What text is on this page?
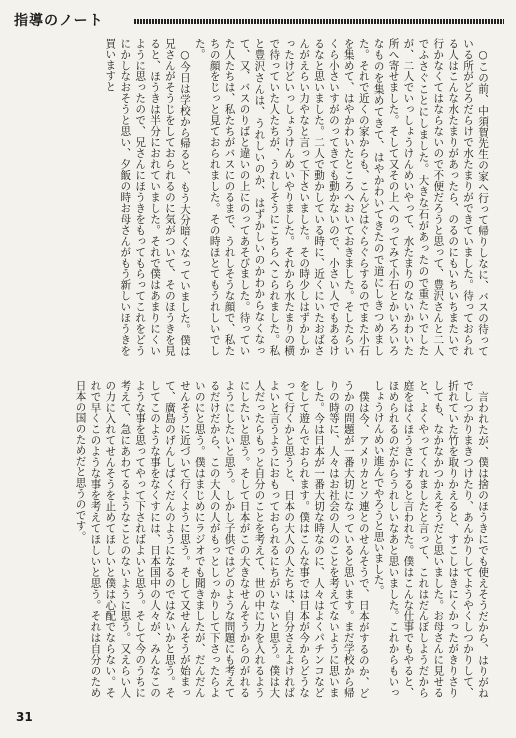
指導のノート

○この前、中須賀先生の家へ行って帰りしなに、バスの待っている所がどろだらけで水たまりができていました。待っておられる人はこんな水たまりがあったら、のるのにもいちいちまたいで行かなくてはならないので不便だろうと思って、豊沢さんと二人でふさぐことにしました。大きな石があったので重たいでしたが、二人でいっしょうけんめいやって、水たまりのないかわいた所へ寄せました。そして又その上へのってみて小石とかいろいろなものを集めてきて、はやかわいてきたので道にしきつめました。それで近くの家からも、こんどはぐらぐらするのでまた小石を集めて、はやかわいたところへおいておきました。そしたらいくら小さいすがのってきても動かないので、小さい人でもあるけるなと思いました。二人で動かしている時に、近くにいたおばさんがえらい力やなと言って下さいました。その時少しはずかしかったけどいっしょうけんめいやりました。それから水たまりの横で待っていた人たちが、うれしそうにこちらへこられました。私と豊沢さんは、うれしいのか、はずかしいのかわからなくなって、又、バスのりばと違いの上にのってあそびました。待っていた人たちは、私たちがバスにのるまで、うれしそうな顔で、私たちの顔をじっと見ておられました。その時ほとてもうれしいでした。

○今日は学校から帰ると、もう大分暗くなっていました。僕は兄さんがそうじをしておられるのに気がついて、そのほうきを見ると、ほうきは半分におれていました。それで僕はあまりにくいように思ったので、兄さんにほうきをもってもらってこれをどうにかしなおそうと思い、夕飯の時お母さんがもう新しいほうきを買いますと

言われたが、僕は捨のほうきにでも使えそうだから、はりがねでしつかりまきつけたり、あんかりしてようやくしつかりして、折れていた竹を取りかえると、すこしはきにくかったがきりさりしても、なかなかつかえそうだと思いました。お母さんに見せると、よくやってくれましたと言って、これはだんぼしようだから庭をはくほうきにすると言われた。僕はこんな仕事でもやると、ほめられるのだからうれしいなあと思いました。これからもいっしょうけんめい進んでやろうと思いました。

僕は今、アメリカとソ連とのせんそうで、日本がするのか、どうかの問題が一番大切になっていると思います。まだ学校から帰りの時等に、人々はお社会の人のことを考えてないように思いました。今は日本が一番大切な時なのに、人々はよくパチンコなどをして遊んでおられます。僕はこんな事では日本が今からどうなって行くかと思うと、日本の大人の人たちは、自分さえよければよいと言うようにおもっておられるにちがいないと思う。僕は大人だったらもっと自分のことを考えて、世の中に力を入れるようにしたいと思う。そして日本がこの大きなせんそうからのがれるようにしたいと思う。しかし子供ではどのような問題にも考えてるだけだから、この大人の人がもっとしっかりして下さったらよいのにと思う。僕はまじめにラジオでも聞きましたが、だんだんせんそうに近づいて行くように思う。そして又せんそうが始まって、廣島のげんしばくだんのようになるのではないかと思う。そしてこのような事をなくすには、日本国中の人々が、みんなこのような事を思ってやって下さればよいと思う。そして今のうちに考えて、急にあわてるようなことのないように思う。又えらい人の力に入れてせんそうを止めてほしいと僕は心配でならない。それで早くこのような事を考えてほしいと思う。それは自分のため日本の国のためだと思うのです。

31
